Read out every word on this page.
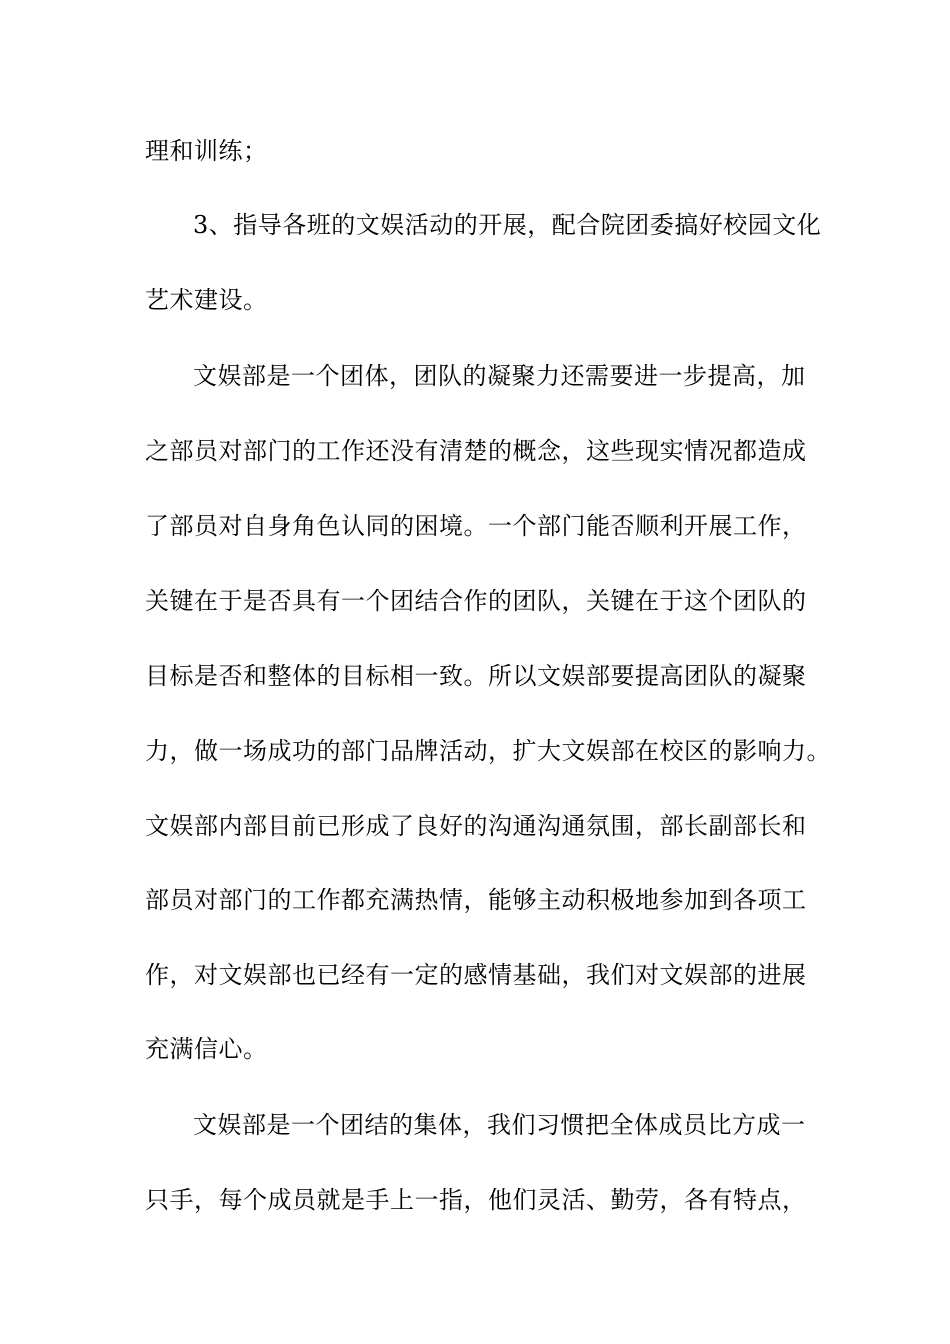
理和训练；
3、指导各班的文娱活动的开展，配合院团委搞好校园文化
艺术建设。
文娱部是一个团体，团队的凝聚力还需要进一步提高，加
之部员对部门的工作还没有清楚的概念，这些现实情况都造成
了部员对自身角色认同的困境。一个部门能否顺利开展工作，
关键在于是否具有一个团结合作的团队，关键在于这个团队的
目标是否和整体的目标相一致。所以文娱部要提高团队的凝聚
力，做一场成功的部门品牌活动，扩大文娱部在校区的影响力。
文娱部内部目前已形成了良好的沟通沟通氛围，部长副部长和
部员对部门的工作都充满热情，能够主动积极地参加到各项工
作，对文娱部也已经有一定的感情基础，我们对文娱部的进展
充满信心。
文娱部是一个团结的集体，我们习惯把全体成员比方成一
只手，每个成员就是手上一指，他们灵活、勤劳，各有特点，
